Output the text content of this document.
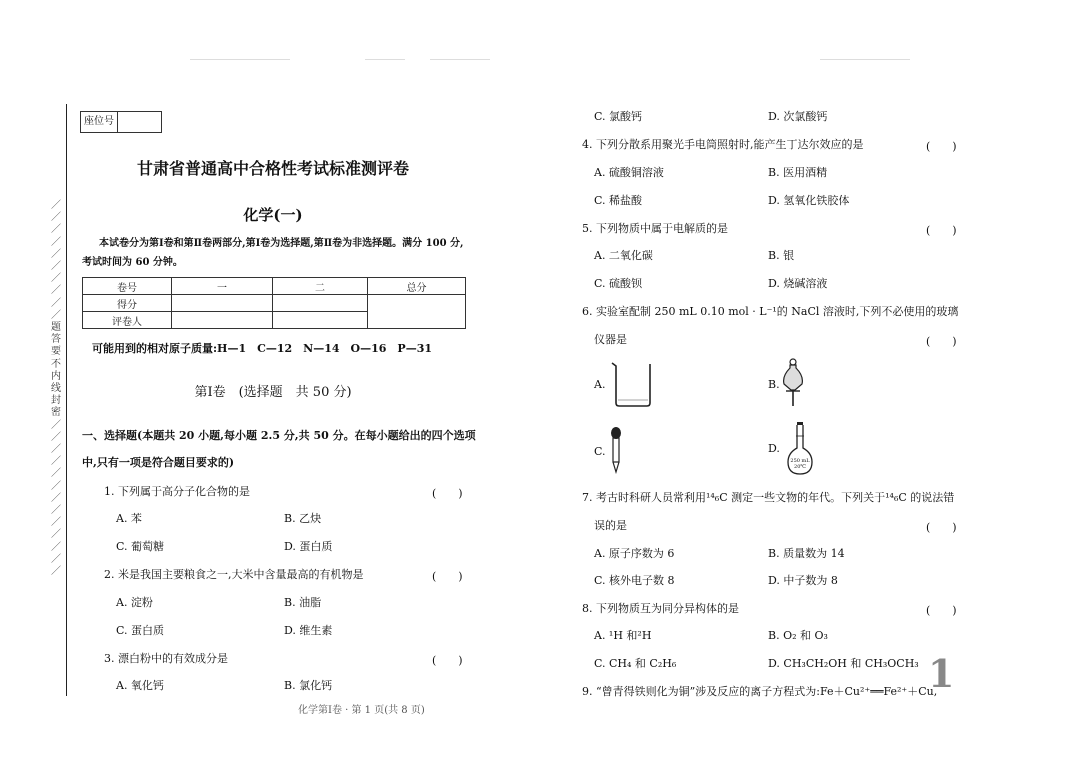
／
／
／
／
／
／
／
／
／
／
题
答
要
不
内
线
封
密
／
／
／
／
／
／
／
／
／
／
／
／
／
座位号
甘肃省普通高中合格性考试标准测评卷
化学(一)
本试卷分为第Ⅰ卷和第Ⅱ卷两部分,第Ⅰ卷为选择题,第Ⅱ卷为非选择题。满分 100 分,
考试时间为 60 分钟。
卷号	一	二	总分
得分			
评卷人			
可能用到的相对原子质量:H—1　C—12　N—14　O—16　P—31
第Ⅰ卷　(选择题　共 50 分)
一、选择题(本题共 20 小题,每小题 2.5 分,共 50 分。在每小题给出的四个选项
中,只有一项是符合题目要求的)
1. 下列属于高分子化合物的是	(　　)
A. 苯	B. 乙炔
C. 葡萄糖	D. 蛋白质
2. 米是我国主要粮食之一,大米中含量最高的有机物是	(　　)
A. 淀粉	B. 油脂
C. 蛋白质	D. 维生素
3. 漂白粉中的有效成分是	(　　)
A. 氧化钙	B. 氯化钙
化学第Ⅰ卷 · 第 1 页(共 8 页)
C. 氯酸钙	D. 次氯酸钙
4. 下列分散系用聚光手电筒照射时,能产生丁达尔效应的是	(　　)
A. 硫酸铜溶液	B. 医用酒精
C. 稀盐酸	D. 氢氧化铁胶体
5. 下列物质中属于电解质的是	(　　)
A. 二氧化碳	B. 银
C. 硫酸钡	D. 烧碱溶液
6. 实验室配制 250 mL 0.10 mol · L⁻¹的 NaCl 溶液时,下列不必使用的玻璃
仪器是	(　　)
A.	B.
C.	D.
250 mL
20℃
7. 考古时科研人员常利用¹⁴₆C 测定一些文物的年代。下列关于¹⁴₆C 的说法错
误的是	(　　)
A. 原子序数为 6	B. 质量数为 14
C. 核外电子数 8	D. 中子数为 8
8. 下列物质互为同分异构体的是	(　　)
A. ¹H 和²H	B. O₂ 和 O₃
C. CH₄ 和 C₂H₆	D. CH₃CH₂OH 和 CH₃OCH₃
9. “曾青得铁则化为铜”涉及反应的离子方程式为:Fe＋Cu²⁺══Fe²⁺＋Cu,
1
